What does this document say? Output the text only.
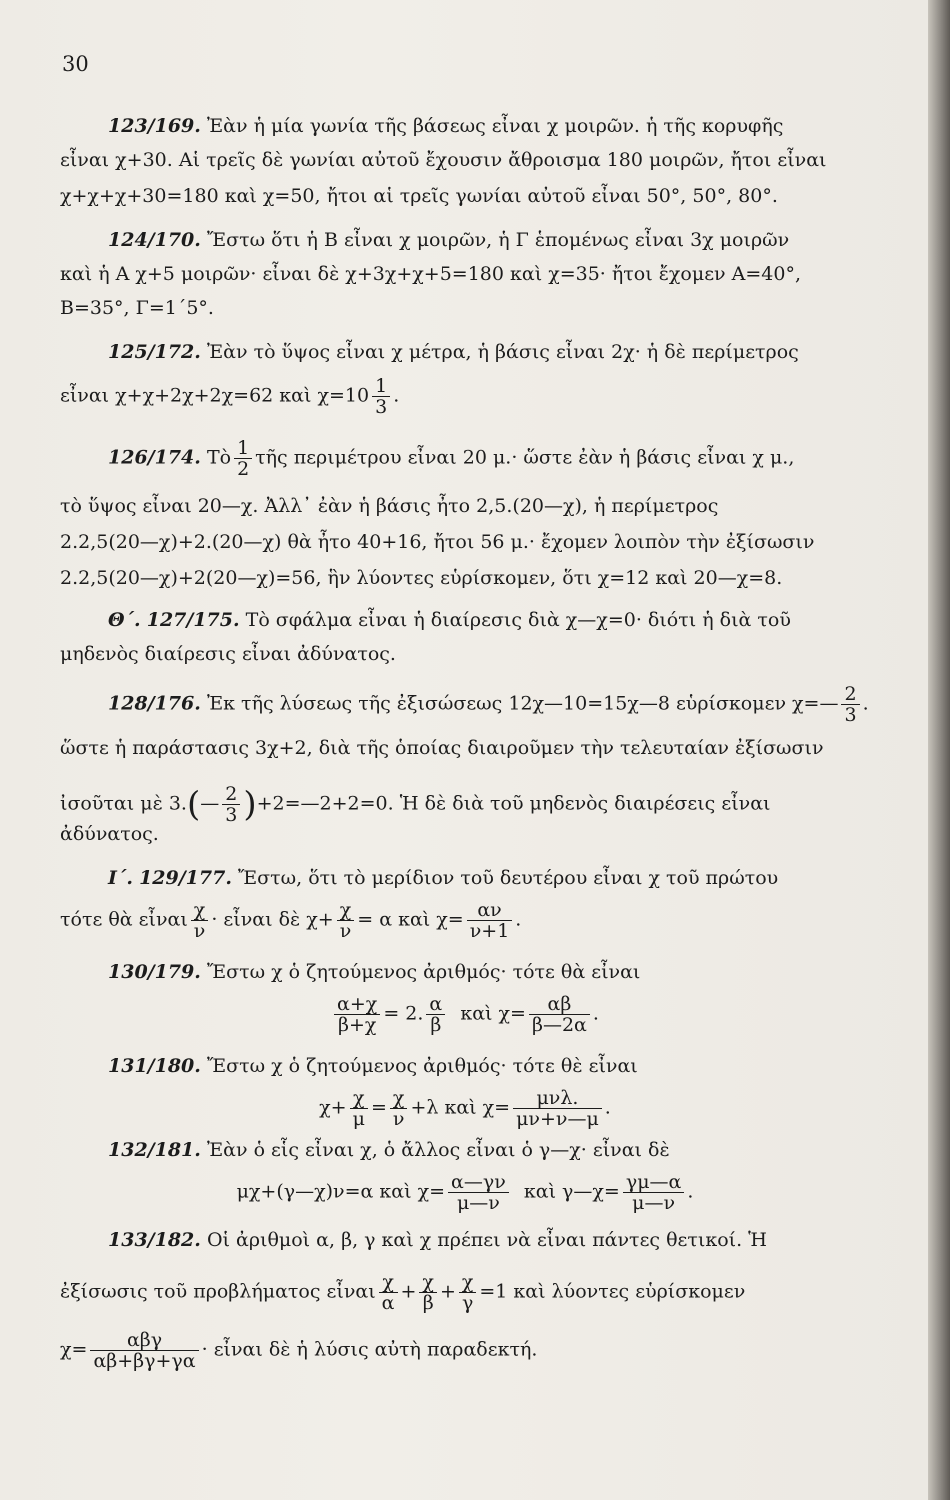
30
123/169. Ἐὰν ἡ μία γωνία τῆς βάσεως εἶναι χ μοιρῶν. ἡ τῆς κορυφῆς
εἶναι χ+30. Αἱ τρεῖς δὲ γωνίαι αὐτοῦ ἔχουσιν ἄθροισμα 180 μοιρῶν, ἤτοι εἶναι
χ+χ+χ+30=180 καὶ χ=50, ἤτοι αἱ τρεῖς γωνίαι αὐτοῦ εἶναι 50°, 50°, 80°.
124/170. Ἔστω ὅτι ἡ Β εἶναι χ μοιρῶν, ἡ Γ ἑπομένως εἶναι 3χ μοιρῶν
καὶ ἡ Α χ+5 μοιρῶν· εἶναι δὲ χ+3χ+χ+5=180 καὶ χ=35· ἤτοι ἔχομεν Α=40°,
Β=35°, Γ=1΄5°.
125/172. Ἐὰν τὸ ὕψος εἶναι χ μέτρα, ἡ βάσις εἶναι 2χ· ἡ δὲ περίμετρος
εἶναι χ+χ+2χ+2χ=62 καὶ $\chi=10 \frac{1}{3}$ .
126/174. Τὸ $\frac{1}{2}$ τῆς περιμέτρου εἶναι 20 μ.· ὥστε ἐὰν ἡ βάσις εἶναι χ μ.,
τὸ ὕψος εἶναι 20—χ. Ἀλλ᾿ ἐὰν ἡ βάσις ἦτο 2,5.(20—χ), ἡ περίμετρος
2.2,5(20—χ)+2.(20—χ) θὰ ἦτο 40+16, ἤτοι 56 μ.· ἔχομεν λοιπὸν τὴν ἐξίσωσιν
2.2,5(20—χ)+2(20—χ)=56, ἣν λύοντες εὑρίσκομεν, ὅτι χ=12 καὶ 20—χ=8.
Θ΄. 127/175. Τὸ σφάλμα εἶναι ἡ διαίρεσις διὰ χ—χ=0· διότι ἡ διὰ τοῦ
μηδενὸς διαίρεσις εἶναι ἀδύνατος.
128/176. Ἐκ τῆς λύσεως τῆς ἐξισώσεως 12χ—10=15χ—8 εὑρίσκομεν χ=— $\frac{2}{3}$ .
ὥστε ἡ παράστασις 3χ+2, διὰ τῆς ὁποίας διαιροῦμεν τὴν τελευταίαν ἐξίσωσιν
ἰσοῦται μὲ 3.(— $\frac{2}{3}$ )+2=—2+2=0. Ἡ δὲ διὰ τοῦ μηδενὸς διαιρέσεις εἶναι
ἀδύνατος.
Ι΄. 129/177. Ἔστω, ὅτι τὸ μερίδιον τοῦ δευτέρου εἶναι χ τοῦ πρώτου
τότε θὰ εἶναι $\frac{\chi}{\nu}$ · εἶναι δὲ $\chi+ \frac{\chi}{\nu} = \alpha$ καὶ $\chi= \frac{\alpha\nu}{\nu+1}$ .
130/179. Ἔστω χ ὁ ζητούμενος ἀριθμός· τότε θὰ εἶναι
$\frac{\alpha+\chi}{\beta+\chi} = 2$. $\frac{\alpha}{\beta}$ καὶ $\chi= \frac{\alpha\beta}{\beta—2\alpha}$ .
131/180. Ἔστω χ ὁ ζητούμενος ἀριθμός· τότε θὲ εἶναι
$\chi+ \frac{\chi}{\mu} = \frac{\chi}{\nu} +\lambda$ καὶ $\chi= \frac{\text{μνλ.}}{\mu\nu+\nu—\mu}$ .
132/181. Ἐὰν ὁ εἷς εἶναι χ, ὁ ἄλλος εἶναι ὁ γ—χ· εἶναι δὲ
μχ+(γ—χ)ν=α καὶ $\chi= \frac{\alpha—\gamma\nu}{\mu—\nu}$ καὶ γ—χ= $\frac{\gamma\mu—\alpha}{\mu—\nu}$ .
133/182. Οἱ ἀριθμοὶ α, β, γ καὶ χ πρέπει νὰ εἶναι πάντες θετικοί. Ἡ
ἐξίσωσις τοῦ προβλήματος εἶναι $\frac{\chi}{\alpha} + \frac{\chi}{\beta} + \frac{\chi}{\gamma} =1$ καὶ λύοντες εὑρίσκομεν
$\chi= \frac{\text{αβγ}}{\alpha\beta+\beta\gamma+\gamma\alpha}$ · εἶναι δὲ ἡ λύσις αὐτὴ παραδεκτή.
